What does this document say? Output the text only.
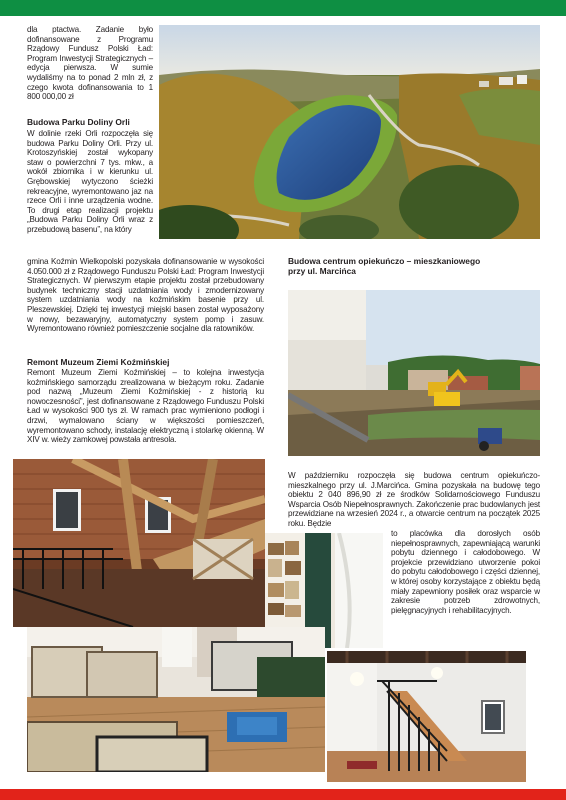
dla ptactwa. Zadanie było dofinansowane z Programu Rządowy Fundusz Polski Ład: Program Inwestycji Strategicznych – edycja pierwsza. W sumie wydaliśmy na to ponad 2 mln zł, z czego kwota dofinansowania to 1 800 000,00 zł
Budowa Parku Doliny Orli
W dolinie rzeki Orli rozpoczęła się budowa Parku Doliny Orli. Przy ul. Krotoszyńskiej został wykopany staw o powierzchni 7 tys. mkw., a wokół zbiornika i w kierunku ul. Grębowskiej wytyczono ścieżki rekreacyjne, wyremontowano jaz na rzece Orli i inne urządzenia wodne. To drugi etap realizacji projektu „Budowa Parku Doliny Orli wraz z przebudową basenu”, na który
gmina Koźmin Wielkopolski pozyskała dofinansowanie w wysokości 4.050.000 zł z Rządowego Funduszu Polski Ład: Program Inwestycji Strategicznych. W pierwszym etapie projektu został przebudowany budynek techniczny stacji uzdatniania wody i zmodernizowany system uzdatniania wody na koźmińskim basenie przy ul. Pleszewskiej. Dzięki tej inwestycji miejski basen został wyposażony w nowy, bezawaryjny, automatyczny system pomp i zasuw. Wyremontowano również pomieszczenie socjalne dla ratowników.
Remont Muzeum Ziemi Koźmińskiej
Remont Muzeum Ziemi Koźmińskiej – to kolejna inwestycja koźmińskiego samorządu zrealizowana w bieżącym roku. Zadanie pod nazwą „Muzeum Ziemi Koźmińskiej - z historią ku nowoczesności”, jest dofinansowane z Rządowego Funduszu Polski Ład w wysokości 900 tys zł. W ramach prac wymieniono podłogi i drzwi, wymalowano ściany w większości pomieszczeń, wyremontowano schody, instalację elektryczną i stolarkę okienną. W XIV w. wieży zamkowej powstała antresola.
Budowa centrum opiekuńczo – mieszkaniowego przy ul. Marcińca
W październiku rozpoczęła się budowa centrum opiekuńczo-mieszkalnego przy ul. J.Marcińca. Gmina pozyskała na budowę tego obiektu 2 040 896,90 zł ze środków Solidarnościowego Funduszu Wsparcia Osób Niepełnosprawnych. Zakończenie prac budowlanych jest przewidziane na wrzesień 2024 r., a otwarcie centrum na początek 2025 roku. Będzie
to placówka dla dorosłych osób niepełnosprawnych, zapewniającą warunki pobytu dziennego i całodobowego. W projekcie przewidziano utworzenie pokoi do pobytu całodobowego i części dziennej, w której osoby korzystające z obiektu będą miały zapewniony posiłek oraz wsparcie w zakresie potrzeb zdrowotnych, pielęgnacyjnych i rehabilitacyjnych.
